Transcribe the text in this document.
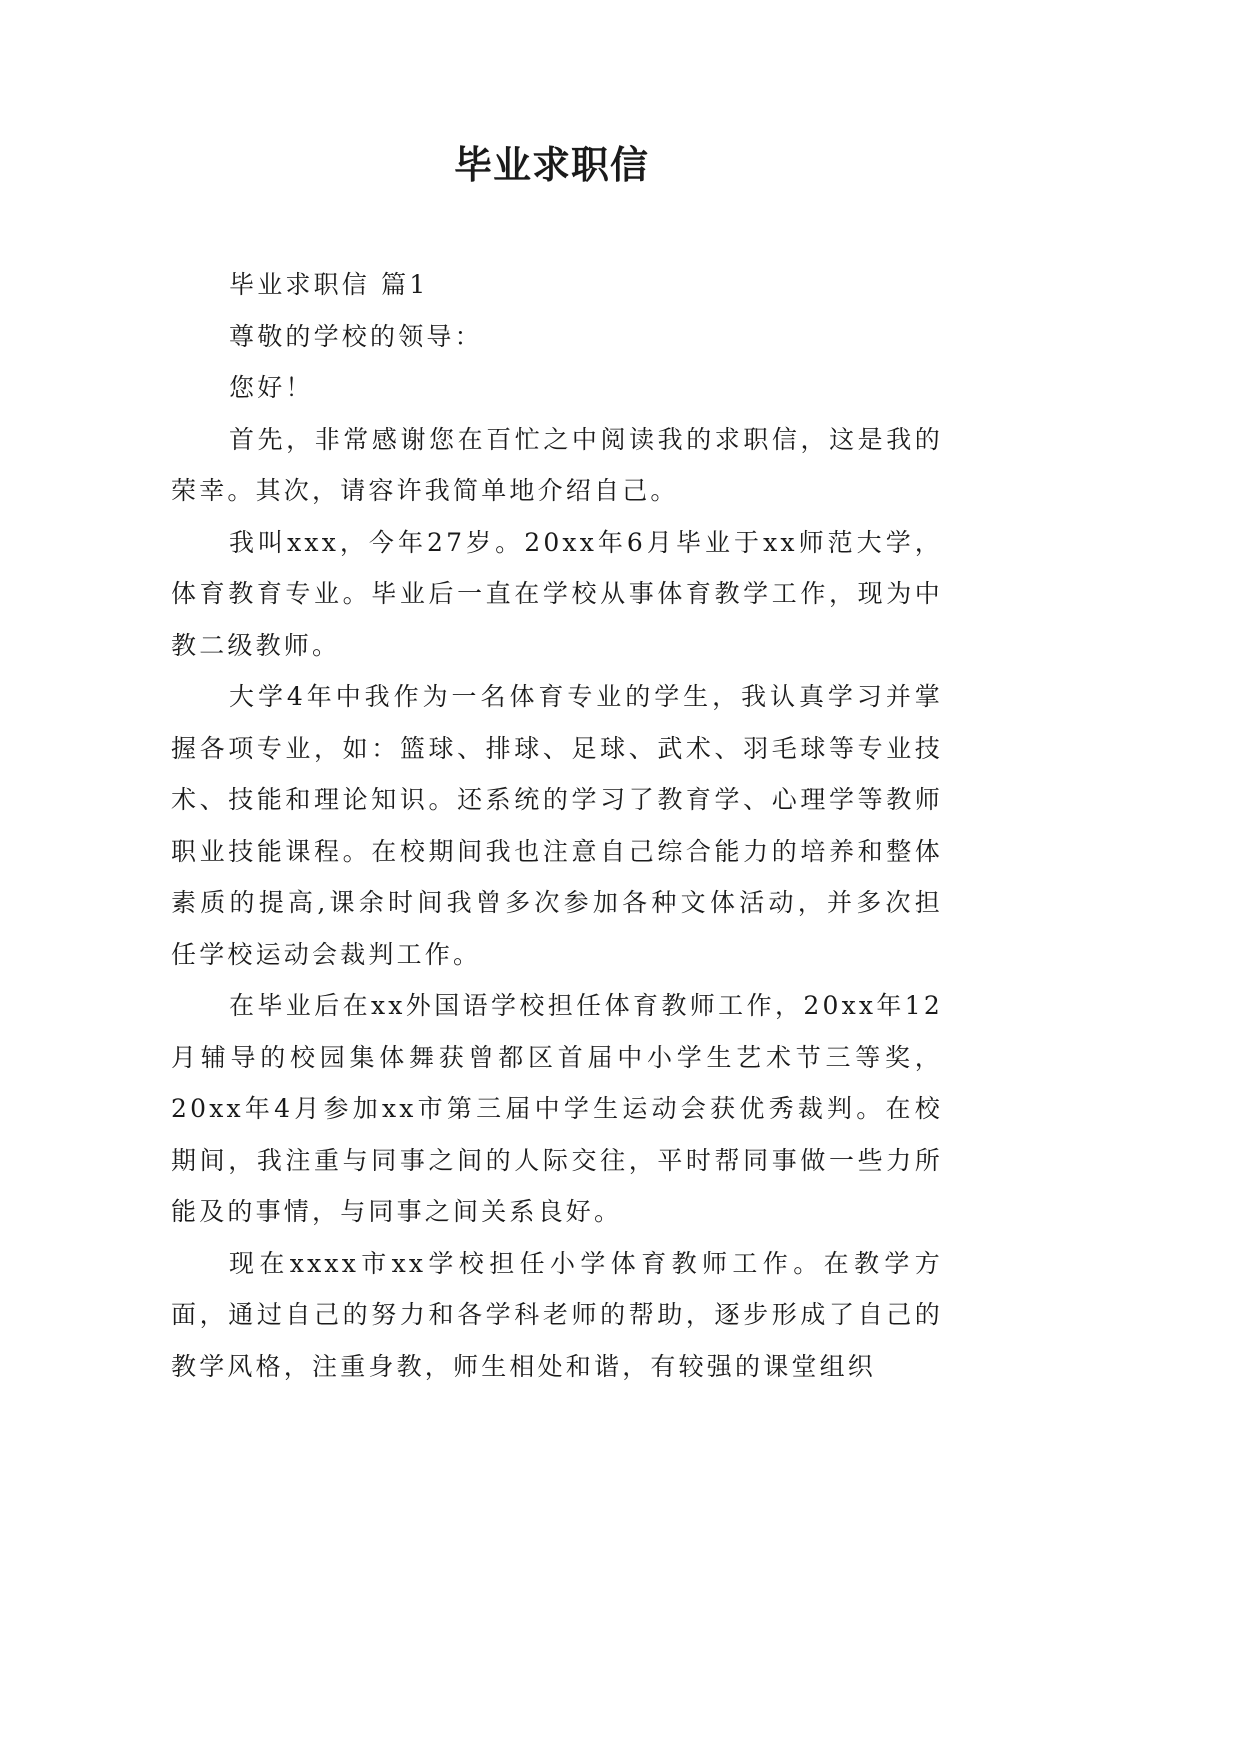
毕业求职信

毕业求职信 篇1

尊敬的学校的领导：

您好！

首先，非常感谢您在百忙之中阅读我的求职信，这是我的荣幸。其次，请容许我简单地介绍自己。

我叫xxx，今年27岁。20xx年6月毕业于xx师范大学，体育教育专业。毕业后一直在学校从事体育教学工作，现为中教二级教师。

大学4年中我作为一名体育专业的学生，我认真学习并掌握各项专业，如：篮球、排球、足球、武术、羽毛球等专业技术、技能和理论知识。还系统的学习了教育学、心理学等教师职业技能课程。在校期间我也注意自己综合能力的培养和整体素质的提高,课余时间我曾多次参加各种文体活动，并多次担任学校运动会裁判工作。

在毕业后在xx外国语学校担任体育教师工作，20xx年12月辅导的校园集体舞获曾都区首届中小学生艺术节三等奖，20xx年4月参加xx市第三届中学生运动会获优秀裁判。在校期间，我注重与同事之间的人际交往，平时帮同事做一些力所能及的事情，与同事之间关系良好。

现在xxxx市xx学校担任小学体育教师工作。在教学方面，通过自己的努力和各学科老师的帮助，逐步形成了自己的教学风格，注重身教，师生相处和谐，有较强的课堂组织
